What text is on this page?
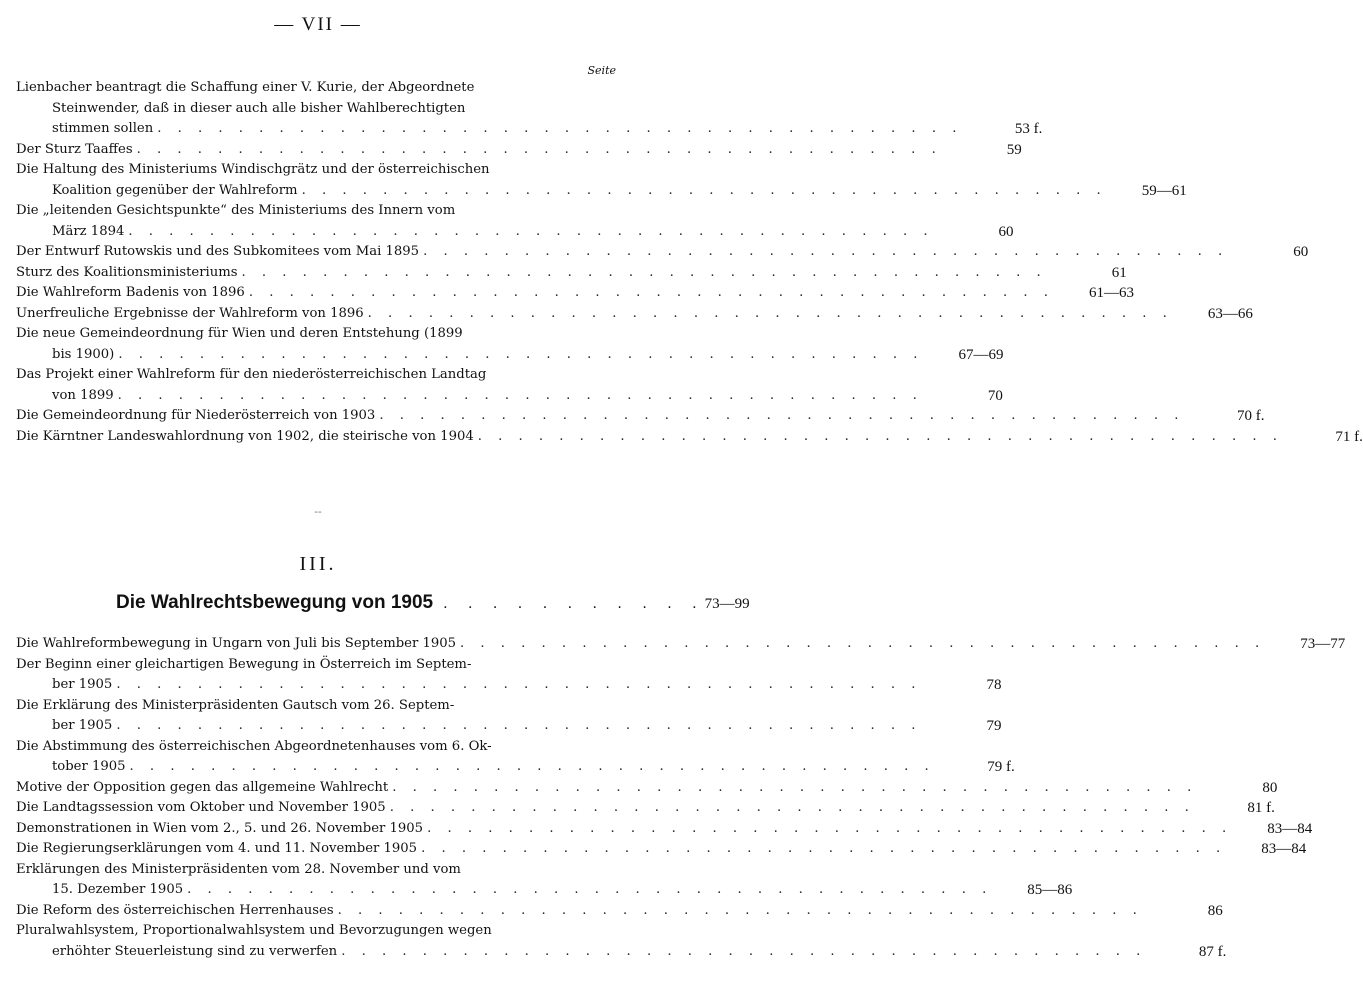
— VII —
Seite
Lienbacher beantragt die Schaffung einer V. Kurie, der Abgeordnete
Steinwender, daß in dieser auch alle bisher Wahlberechtigten
stimmen sollen . . . . . . . . . . . . . . . . . . . . . . . . . . . . . . . . . . . . . . . .	53 f.
Der Sturz Taaffes . . . . . . . . . . . . . . . . . . . . . . . . . . . . . . . . . . . . . . . .	59
Die Haltung des Ministeriums Windischgrätz und der österreichischen
Koalition gegenüber der Wahlreform . . . . . . . . . . . . . . . . . . . . . . . . . . . . . . . . . . . . . . . .	59—61
Die „leitenden Gesichtspunkte“ des Ministeriums des Innern vom
März 1894 . . . . . . . . . . . . . . . . . . . . . . . . . . . . . . . . . . . . . . . .	60
Der Entwurf Rutowskis und des Subkomitees vom Mai 1895 . . . . . . . . . . . . . . . . . . . . . . . . . . . . . . . . . . . . . . . .	60
Sturz des Koalitionsministeriums . . . . . . . . . . . . . . . . . . . . . . . . . . . . . . . . . . . . . . . .	61
Die Wahlreform Badenis von 1896 . . . . . . . . . . . . . . . . . . . . . . . . . . . . . . . . . . . . . . . .	61—63
Unerfreuliche Ergebnisse der Wahlreform von 1896 . . . . . . . . . . . . . . . . . . . . . . . . . . . . . . . . . . . . . . . .	63—66
Die neue Gemeindeordnung für Wien und deren Entstehung (1899
bis 1900) . . . . . . . . . . . . . . . . . . . . . . . . . . . . . . . . . . . . . . . .	67—69
Das Projekt einer Wahlreform für den niederösterreichischen Landtag
von 1899 . . . . . . . . . . . . . . . . . . . . . . . . . . . . . . . . . . . . . . . .	70
Die Gemeindeordnung für Niederösterreich von 1903 . . . . . . . . . . . . . . . . . . . . . . . . . . . . . . . . . . . . . . . .	70 f.
Die Kärntner Landeswahlordnung von 1902, die steirische von 1904 . . . . . . . . . . . . . . . . . . . . . . . . . . . . . . . . . . . . . . . .	71 f.
--
III.
Die Wahlrechtsbewegung von 1905 . . . . . . . . . . . 73—99
Die Wahlreformbewegung in Ungarn von Juli bis September 1905 . . . . . . . . . . . . . . . . . . . . . . . . . . . . . . . . . . . . . . . .	73—77
Der Beginn einer gleichartigen Bewegung in Österreich im Septem-
ber 1905 . . . . . . . . . . . . . . . . . . . . . . . . . . . . . . . . . . . . . . . .	78
Die Erklärung des Ministerpräsidenten Gautsch vom 26. Septem-
ber 1905 . . . . . . . . . . . . . . . . . . . . . . . . . . . . . . . . . . . . . . . .	79
Die Abstimmung des österreichischen Abgeordnetenhauses vom 6. Ok-
tober 1905 . . . . . . . . . . . . . . . . . . . . . . . . . . . . . . . . . . . . . . . .	79 f.
Motive der Opposition gegen das allgemeine Wahlrecht . . . . . . . . . . . . . . . . . . . . . . . . . . . . . . . . . . . . . . . .	80
Die Landtagssession vom Oktober und November 1905 . . . . . . . . . . . . . . . . . . . . . . . . . . . . . . . . . . . . . . . .	81 f.
Demonstrationen in Wien vom 2., 5. und 26. November 1905 . . . . . . . . . . . . . . . . . . . . . . . . . . . . . . . . . . . . . . . .	83—84
Die Regierungserklärungen vom 4. und 11. November 1905 . . . . . . . . . . . . . . . . . . . . . . . . . . . . . . . . . . . . . . . .	83—84
Erklärungen des Ministerpräsidenten vom 28. November und vom
15. Dezember 1905 . . . . . . . . . . . . . . . . . . . . . . . . . . . . . . . . . . . . . . . .	85—86
Die Reform des österreichischen Herrenhauses . . . . . . . . . . . . . . . . . . . . . . . . . . . . . . . . . . . . . . . .	86
Pluralwahlsystem, Proportionalwahlsystem und Bevorzugungen wegen
erhöhter Steuerleistung sind zu verwerfen . . . . . . . . . . . . . . . . . . . . . . . . . . . . . . . . . . . . . . . .	87 f.
